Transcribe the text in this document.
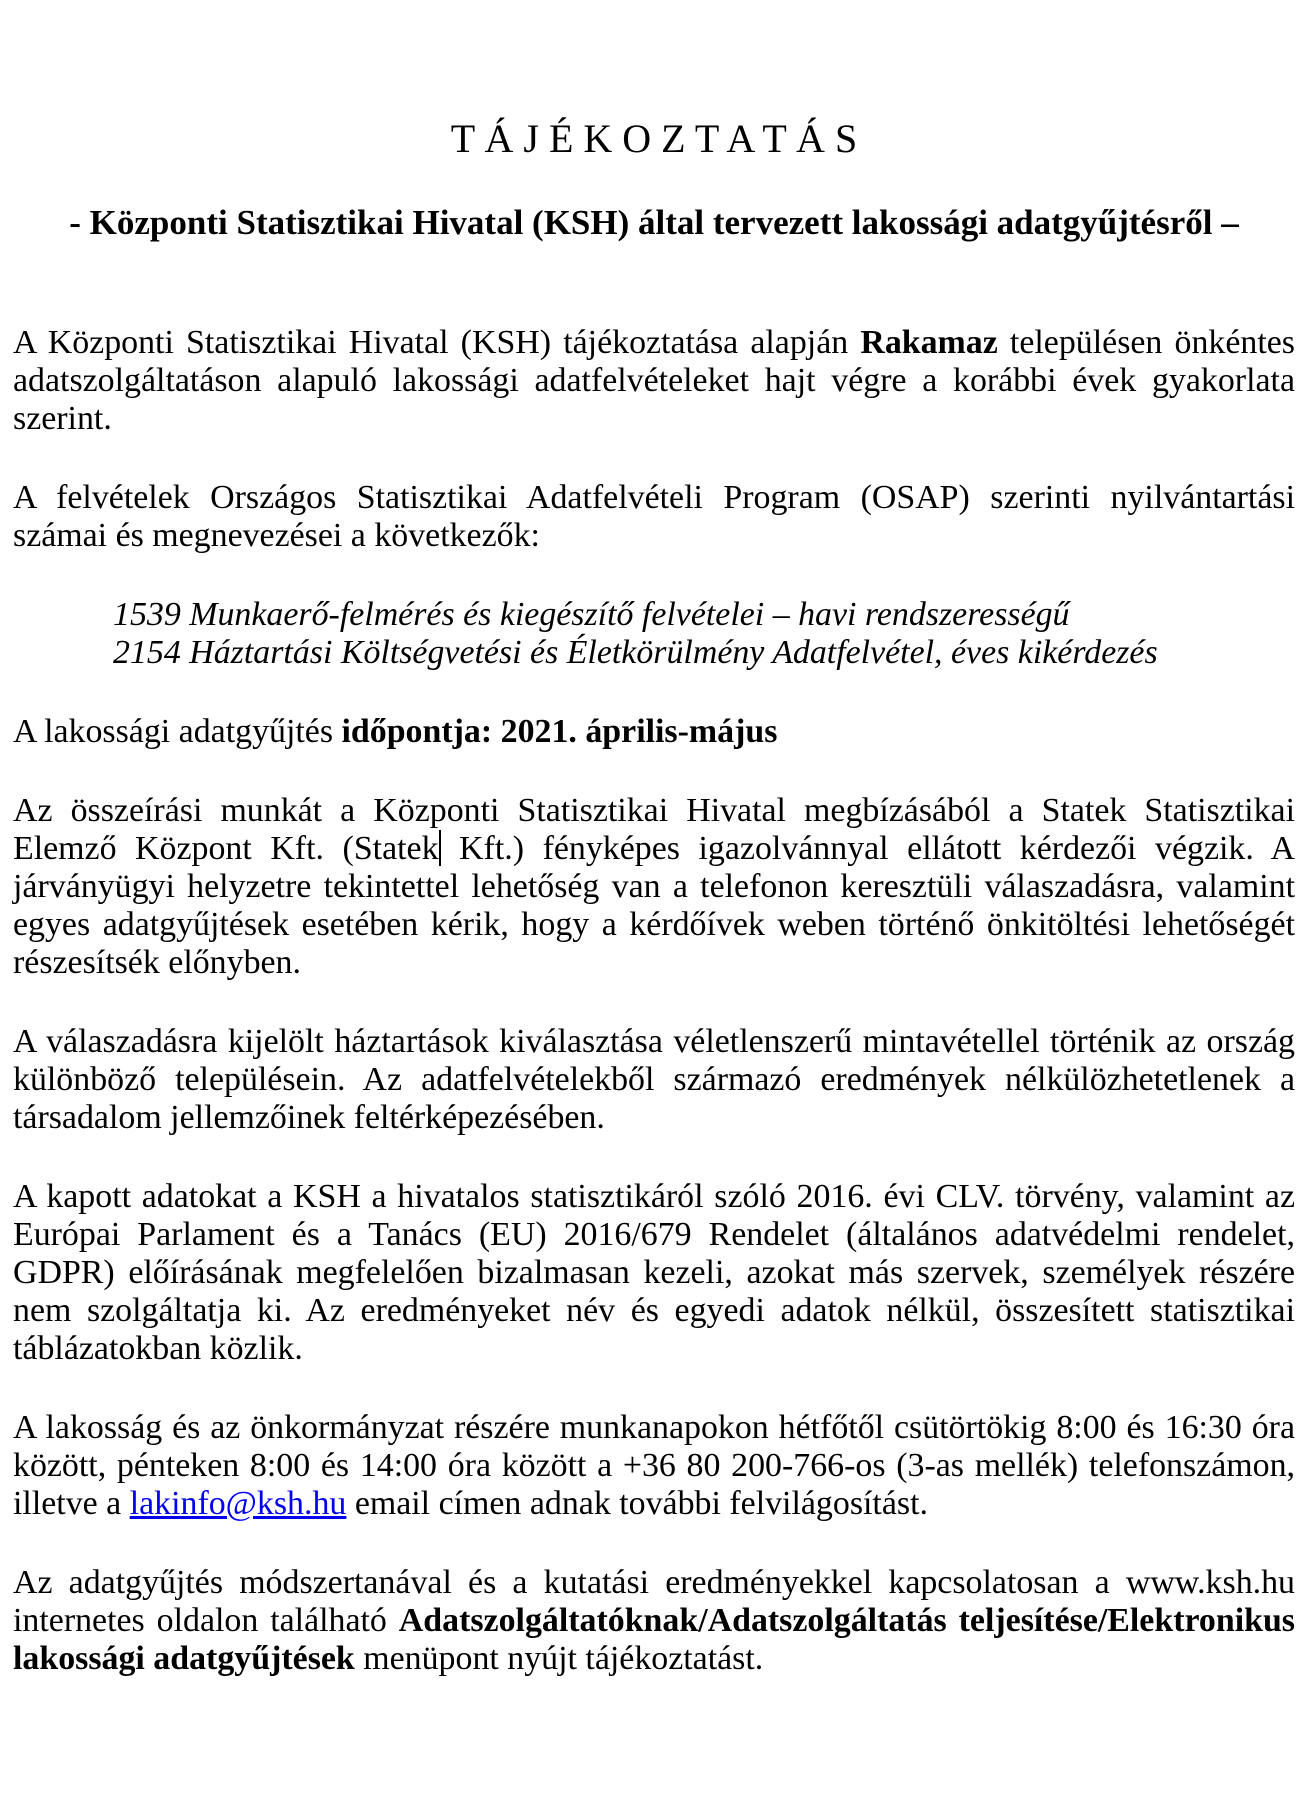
T Á J É K O Z T A T Á S
- Központi Statisztikai Hivatal (KSH) által tervezett lakossági adatgyűjtésről –

A Központi Statisztikai Hivatal (KSH) tájékoztatása alapján Rakamaz településen önkéntes adatszolgáltatáson alapuló lakossági adatfelvételeket hajt végre a korábbi évek gyakorlata szerint.

A felvételek Országos Statisztikai Adatfelvételi Program (OSAP) szerinti nyilvántartási számai és megnevezései a következők:

1539 Munkaerő-felmérés és kiegészítő felvételei – havi rendszerességű
2154 Háztartási Költségvetési és Életkörülmény Adatfelvétel, éves kikérdezés

A lakossági adatgyűjtés időpontja: 2021. április-május

Az összeírási munkát a Központi Statisztikai Hivatal megbízásából a Statek Statisztikai Elemző Központ Kft. (Statek Kft.) fényképes igazolvánnyal ellátott kérdezői végzik. A járványügyi helyzetre tekintettel lehetőség van a telefonon keresztüli válaszadásra, valamint egyes adatgyűjtések esetében kérik, hogy a kérdőívek weben történő önkitöltési lehetőségét részesítsék előnyben.

A válaszadásra kijelölt háztartások kiválasztása véletlenszerű mintavétellel történik az ország különböző településein. Az adatfelvételekből származó eredmények nélkülözhetetlenek a társadalom jellemzőinek feltérképezésében.

A kapott adatokat a KSH a hivatalos statisztikáról szóló 2016. évi CLV. törvény, valamint az Európai Parlament és a Tanács (EU) 2016/679 Rendelet (általános adatvédelmi rendelet, GDPR) előírásának megfelelően bizalmasan kezeli, azokat más szervek, személyek részére nem szolgáltatja ki. Az eredményeket név és egyedi adatok nélkül, összesített statisztikai táblázatokban közlik.

A lakosság és az önkormányzat részére munkanapokon hétfőtől csütörtökig 8:00 és 16:30 óra között, pénteken 8:00 és 14:00 óra között a +36 80 200-766-os (3-as mellék) telefonszámon, illetve a lakinfo@ksh.hu email címen adnak további felvilágosítást.

Az adatgyűjtés módszertanával és a kutatási eredményekkel kapcsolatosan a www.ksh.hu internetes oldalon található Adatszolgáltatóknak/Adatszolgáltatás teljesítése/Elektronikus lakossági adatgyűjtések menüpont nyújt tájékoztatást.
